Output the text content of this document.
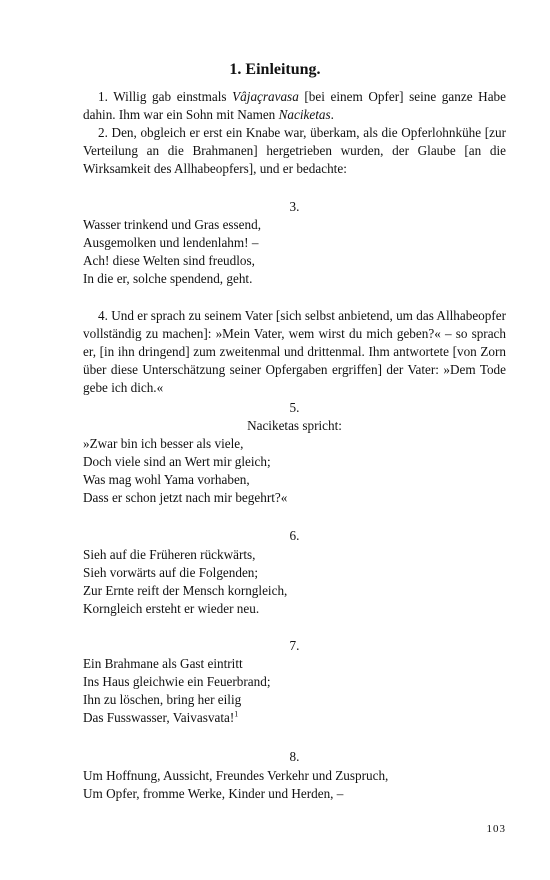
1. Einleitung.

1. Willig gab einstmals Vâjaçravasa [bei einem Opfer] seine ganze Habe dahin. Ihm war ein Sohn mit Namen Naciketas.

2. Den, obgleich er erst ein Knabe war, überkam, als die Opferlohnkühe [zur Verteilung an die Brahmanen] hergetrieben wurden, der Glaube [an die Wirksamkeit des Allhabeopfers], und er bedachte:

3.

Wasser trinkend und Gras essend,
Ausgemolken und lendenlahm! –
Ach! diese Welten sind freudlos,
In die er, solche spendend, geht.

4. Und er sprach zu seinem Vater [sich selbst anbietend, um das Allhabeopfer vollständig zu machen]: »Mein Vater, wem wirst du mich geben?« – so sprach er, [in ihn dringend] zum zweitenmal und drittenmal. Ihm antwortete [von Zorn über diese Unterschätzung seiner Opfergaben ergriffen] der Vater: »Dem Tode gebe ich dich.«

5.

Naciketas spricht:

»Zwar bin ich besser als viele,
Doch viele sind an Wert mir gleich;
Was mag wohl Yama vorhaben,
Dass er schon jetzt nach mir begehrt?«

6.

Sieh auf die Früheren rückwärts,
Sieh vorwärts auf die Folgenden;
Zur Ernte reift der Mensch korngleich,
Korngleich ersteht er wieder neu.

7.

Ein Brahmane als Gast eintritt
Ins Haus gleichwie ein Feuerbrand;
Ihn zu löschen, bring her eilig
Das Fusswasser, Vaivasvata!$^1$

8.

Um Hoffnung, Aussicht, Freundes Verkehr und Zuspruch,
Um Opfer, fromme Werke, Kinder und Herden, –
103
